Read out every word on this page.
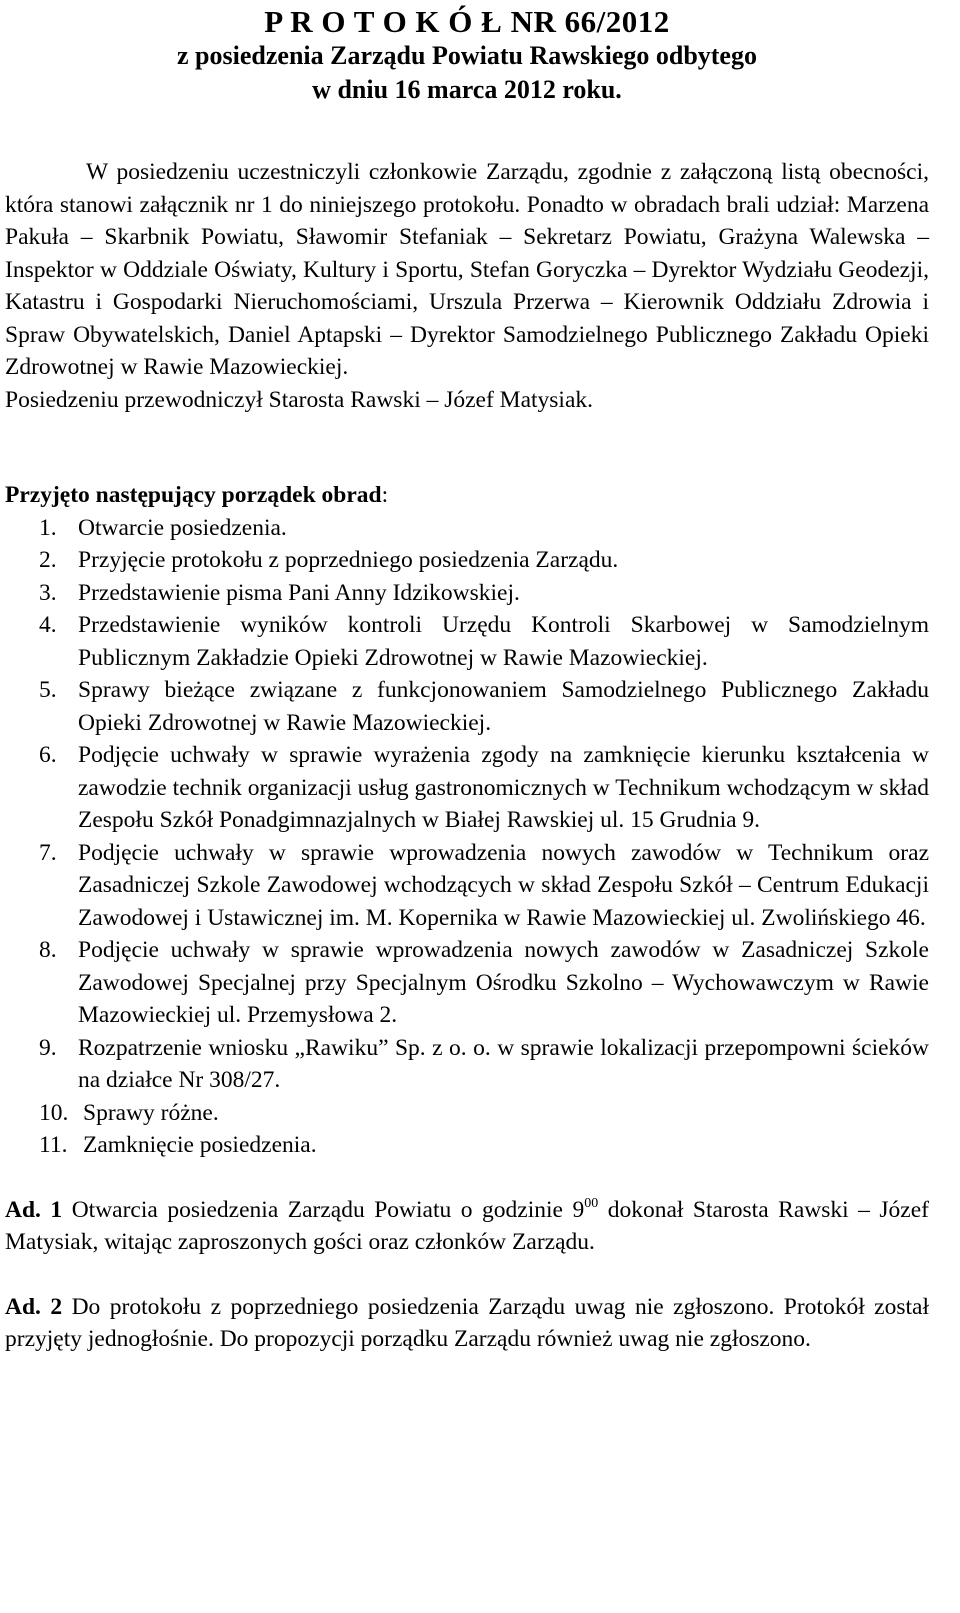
P R O T O K Ó Ł NR 66/2012
z posiedzenia Zarządu Powiatu Rawskiego odbytego
w dniu 16 marca 2012 roku.

W posiedzeniu uczestniczyli członkowie Zarządu, zgodnie z załączoną listą obecności, która stanowi załącznik nr 1 do niniejszego protokołu. Ponadto w obradach brali udział: Marzena Pakuła – Skarbnik Powiatu, Sławomir Stefaniak – Sekretarz Powiatu, Grażyna Walewska – Inspektor w Oddziale Oświaty, Kultury i Sportu, Stefan Goryczka – Dyrektor Wydziału Geodezji, Katastru i Gospodarki Nieruchomościami, Urszula Przerwa – Kierownik Oddziału Zdrowia i Spraw Obywatelskich, Daniel Aptapski – Dyrektor Samodzielnego Publicznego Zakładu Opieki Zdrowotnej w Rawie Mazowieckiej.

Posiedzeniu przewodniczył Starosta Rawski – Józef Matysiak.

Przyjęto następujący porządek obrad:

1. Otwarcie posiedzenia.
2. Przyjęcie protokołu z poprzedniego posiedzenia Zarządu.
3. Przedstawienie pisma Pani Anny Idzikowskiej.
4. Przedstawienie wyników kontroli Urzędu Kontroli Skarbowej w Samodzielnym Publicznym Zakładzie Opieki Zdrowotnej w Rawie Mazowieckiej.
5. Sprawy bieżące związane z funkcjonowaniem Samodzielnego Publicznego Zakładu Opieki Zdrowotnej w Rawie Mazowieckiej.
6. Podjęcie uchwały w sprawie wyrażenia zgody na zamknięcie kierunku kształcenia w zawodzie technik organizacji usług gastronomicznych w Technikum wchodzącym w skład Zespołu Szkół Ponadgimnazjalnych w Białej Rawskiej ul. 15 Grudnia 9.
7. Podjęcie uchwały w sprawie wprowadzenia nowych zawodów w Technikum oraz Zasadniczej Szkole Zawodowej wchodzących w skład Zespołu Szkół – Centrum Edukacji Zawodowej i Ustawicznej im. M. Kopernika w Rawie Mazowieckiej ul. Zwolińskiego 46.
8. Podjęcie uchwały w sprawie wprowadzenia nowych zawodów w Zasadniczej Szkole Zawodowej Specjalnej przy Specjalnym Ośrodku Szkolno – Wychowawczym w Rawie Mazowieckiej ul. Przemysłowa 2.
9. Rozpatrzenie wniosku „Rawiku” Sp. z o. o. w sprawie lokalizacji przepompowni ścieków na działce Nr 308/27.
10. Sprawy różne.
11. Zamknięcie posiedzenia.

Ad. 1 Otwarcia posiedzenia Zarządu Powiatu o godzinie $9^{00}$ dokonał Starosta Rawski – Józef Matysiak, witając zaproszonych gości oraz członków Zarządu.

Ad. 2 Do protokołu z poprzedniego posiedzenia Zarządu uwag nie zgłoszono. Protokół został przyjęty jednogłośnie. Do propozycji porządku Zarządu również uwag nie zgłoszono.
